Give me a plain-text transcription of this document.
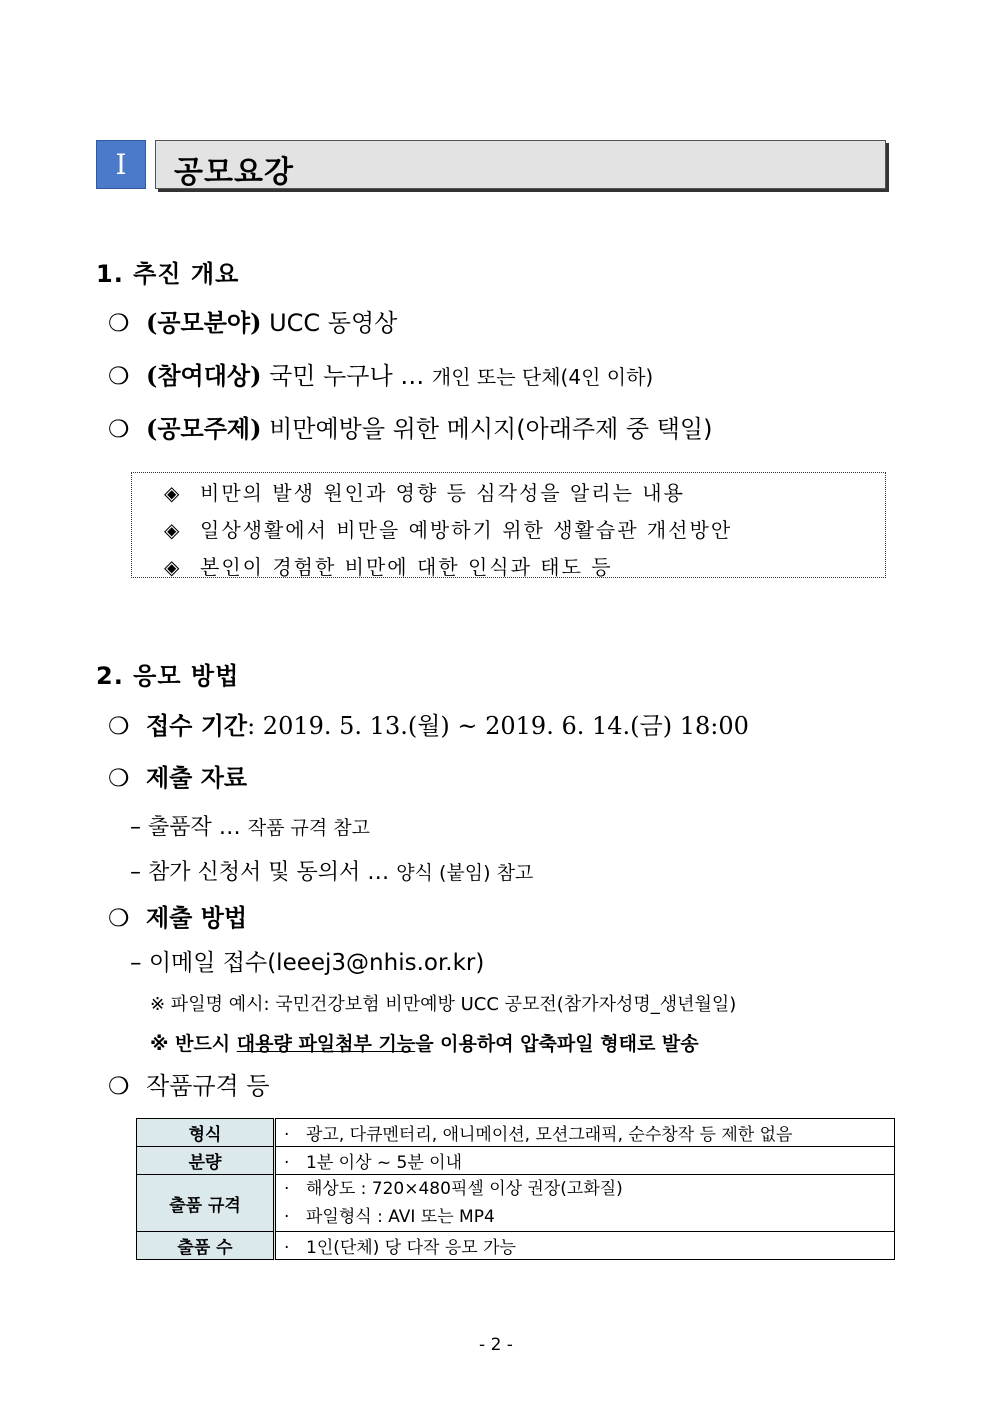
I	공모요강
1. 추진 개요
❍ (공모분야) UCC 동영상
❍ (참여대상) 국민 누구나 … 개인 또는 단체(4인 이하)
❍ (공모주제) 비만예방을 위한 메시지(아래주제 중 택일)
◈ 비만의 발생 원인과 영향 등 심각성을 알리는 내용
◈ 일상생활에서 비만을 예방하기 위한 생활습관 개선방안
◈ 본인이 경험한 비만에 대한 인식과 태도 등
2. 응모 방법
❍ 접수 기간: 2019. 5. 13.(월) ~ 2019. 6. 14.(금) 18:00
❍ 제출 자료
– 출품작 … 작품 규격 참고
– 참가 신청서 및 동의서 … 양식 (붙임) 참고
❍ 제출 방법
– 이메일 접수(leeej3@nhis.or.kr)
※ 파일명 예시: 국민건강보험 비만예방 UCC 공모전(참가자성명_생년월일)
※ 반드시 대용량 파일첨부 기능을 이용하여 압축파일 형태로 발송
❍ 작품규격 등
형식	· 광고, 다큐멘터리, 애니메이션, 모션그래픽, 순수창작 등 제한 없음
분량	· 1분 이상 ~ 5분 이내
출품 규격	· 해상도 : 720×480픽셀 이상 권장(고화질)
· 파일형식 : AVI 또는 MP4

출품 수	· 1인(단체) 당 다작 응모 가능
- 2 -
